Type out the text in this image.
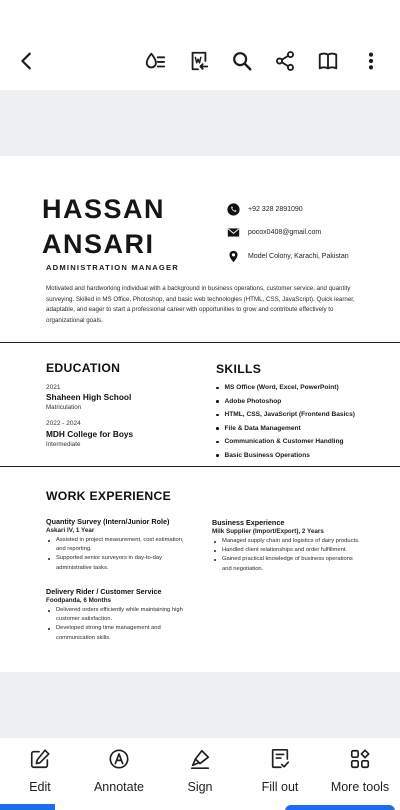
HASSAN
ANSARI
ADMINISTRATION MANAGER
+92 328 2891090
pocox0408@gmail.com
Model Colony, Karachi, Pakistan

Motivated and hardworking individual with a background in business operations, customer service, and quantity surveying. Skilled in MS Office, Photoshop, and basic web technologies (HTML, CSS, JavaScript). Quick learner, adaptable, and eager to start a professional career with opportunities to grow and contribute effectively to organizational goals.

EDUCATION	SKILLS
2021
Shaheen High School
Matriculation
2022 - 2024
MDH College for Boys
Intermediate
MS Office (Word, Excel, PowerPoint)
Adobe Photoshop
HTML, CSS, JavaScript (Frontend Basics)
File & Data Management
Communication & Customer Handling
Basic Business Operations
WORK EXPERIENCE
Quantity Survey (Intern/Junior Role)
Askari IV, 1 Year
Assisted in project measurement, cost estimation, and reporting.
Supported senior surveyors in day-to-day administrative tasks.
Delivery Rider / Customer Service
Foodpanda, 6 Months
Delivered orders efficiently while maintaining high customer satisfaction.
Developed strong time management and communication skills.
Business Experience
Milk Supplier (Import/Export), 2 Years
Managed supply chain and logistics of dairy products.
Handled client relationships and order fulfillment.
Gained practical knowledge of business operations and negotiation.
Edit	Annotate	Sign	Fill out	More tools
